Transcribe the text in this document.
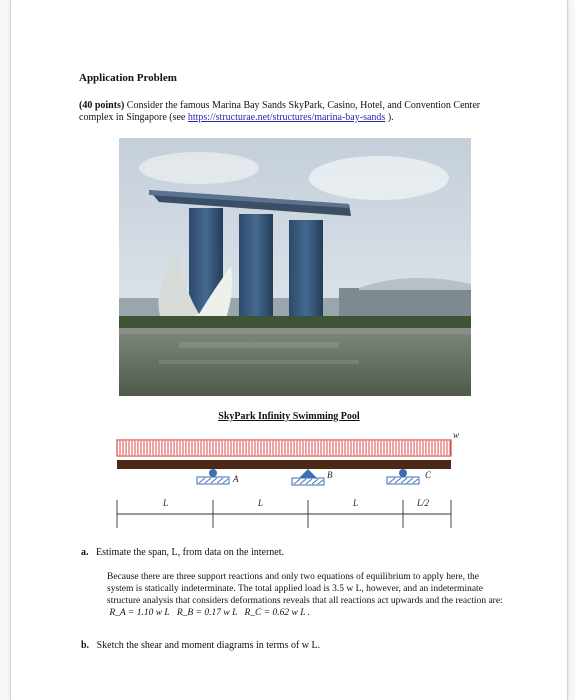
Application Problem
(40 points) Consider the famous Marina Bay Sands SkyPark, Casino, Hotel, and Convention Center complex in Singapore (see https://structurae.net/structures/marina-bay-sands ).
SkyPark Infinity Swimming Pool
w
A	B	C
L	L	L	L/2
a. Estimate the span, L, from data on the internet.
Because there are three support reactions and only two equations of equilibrium to apply here, the system is statically indeterminate. The total applied load is 3.5 w L, however, and an indeterminate structure analysis that considers deformations reveals that all reactions act upwards and the reaction are:  R_A = 1.10 w L R_B = 0.17 w L R_C = 0.62 w L .
b. Sketch the shear and moment diagrams in terms of w L.
